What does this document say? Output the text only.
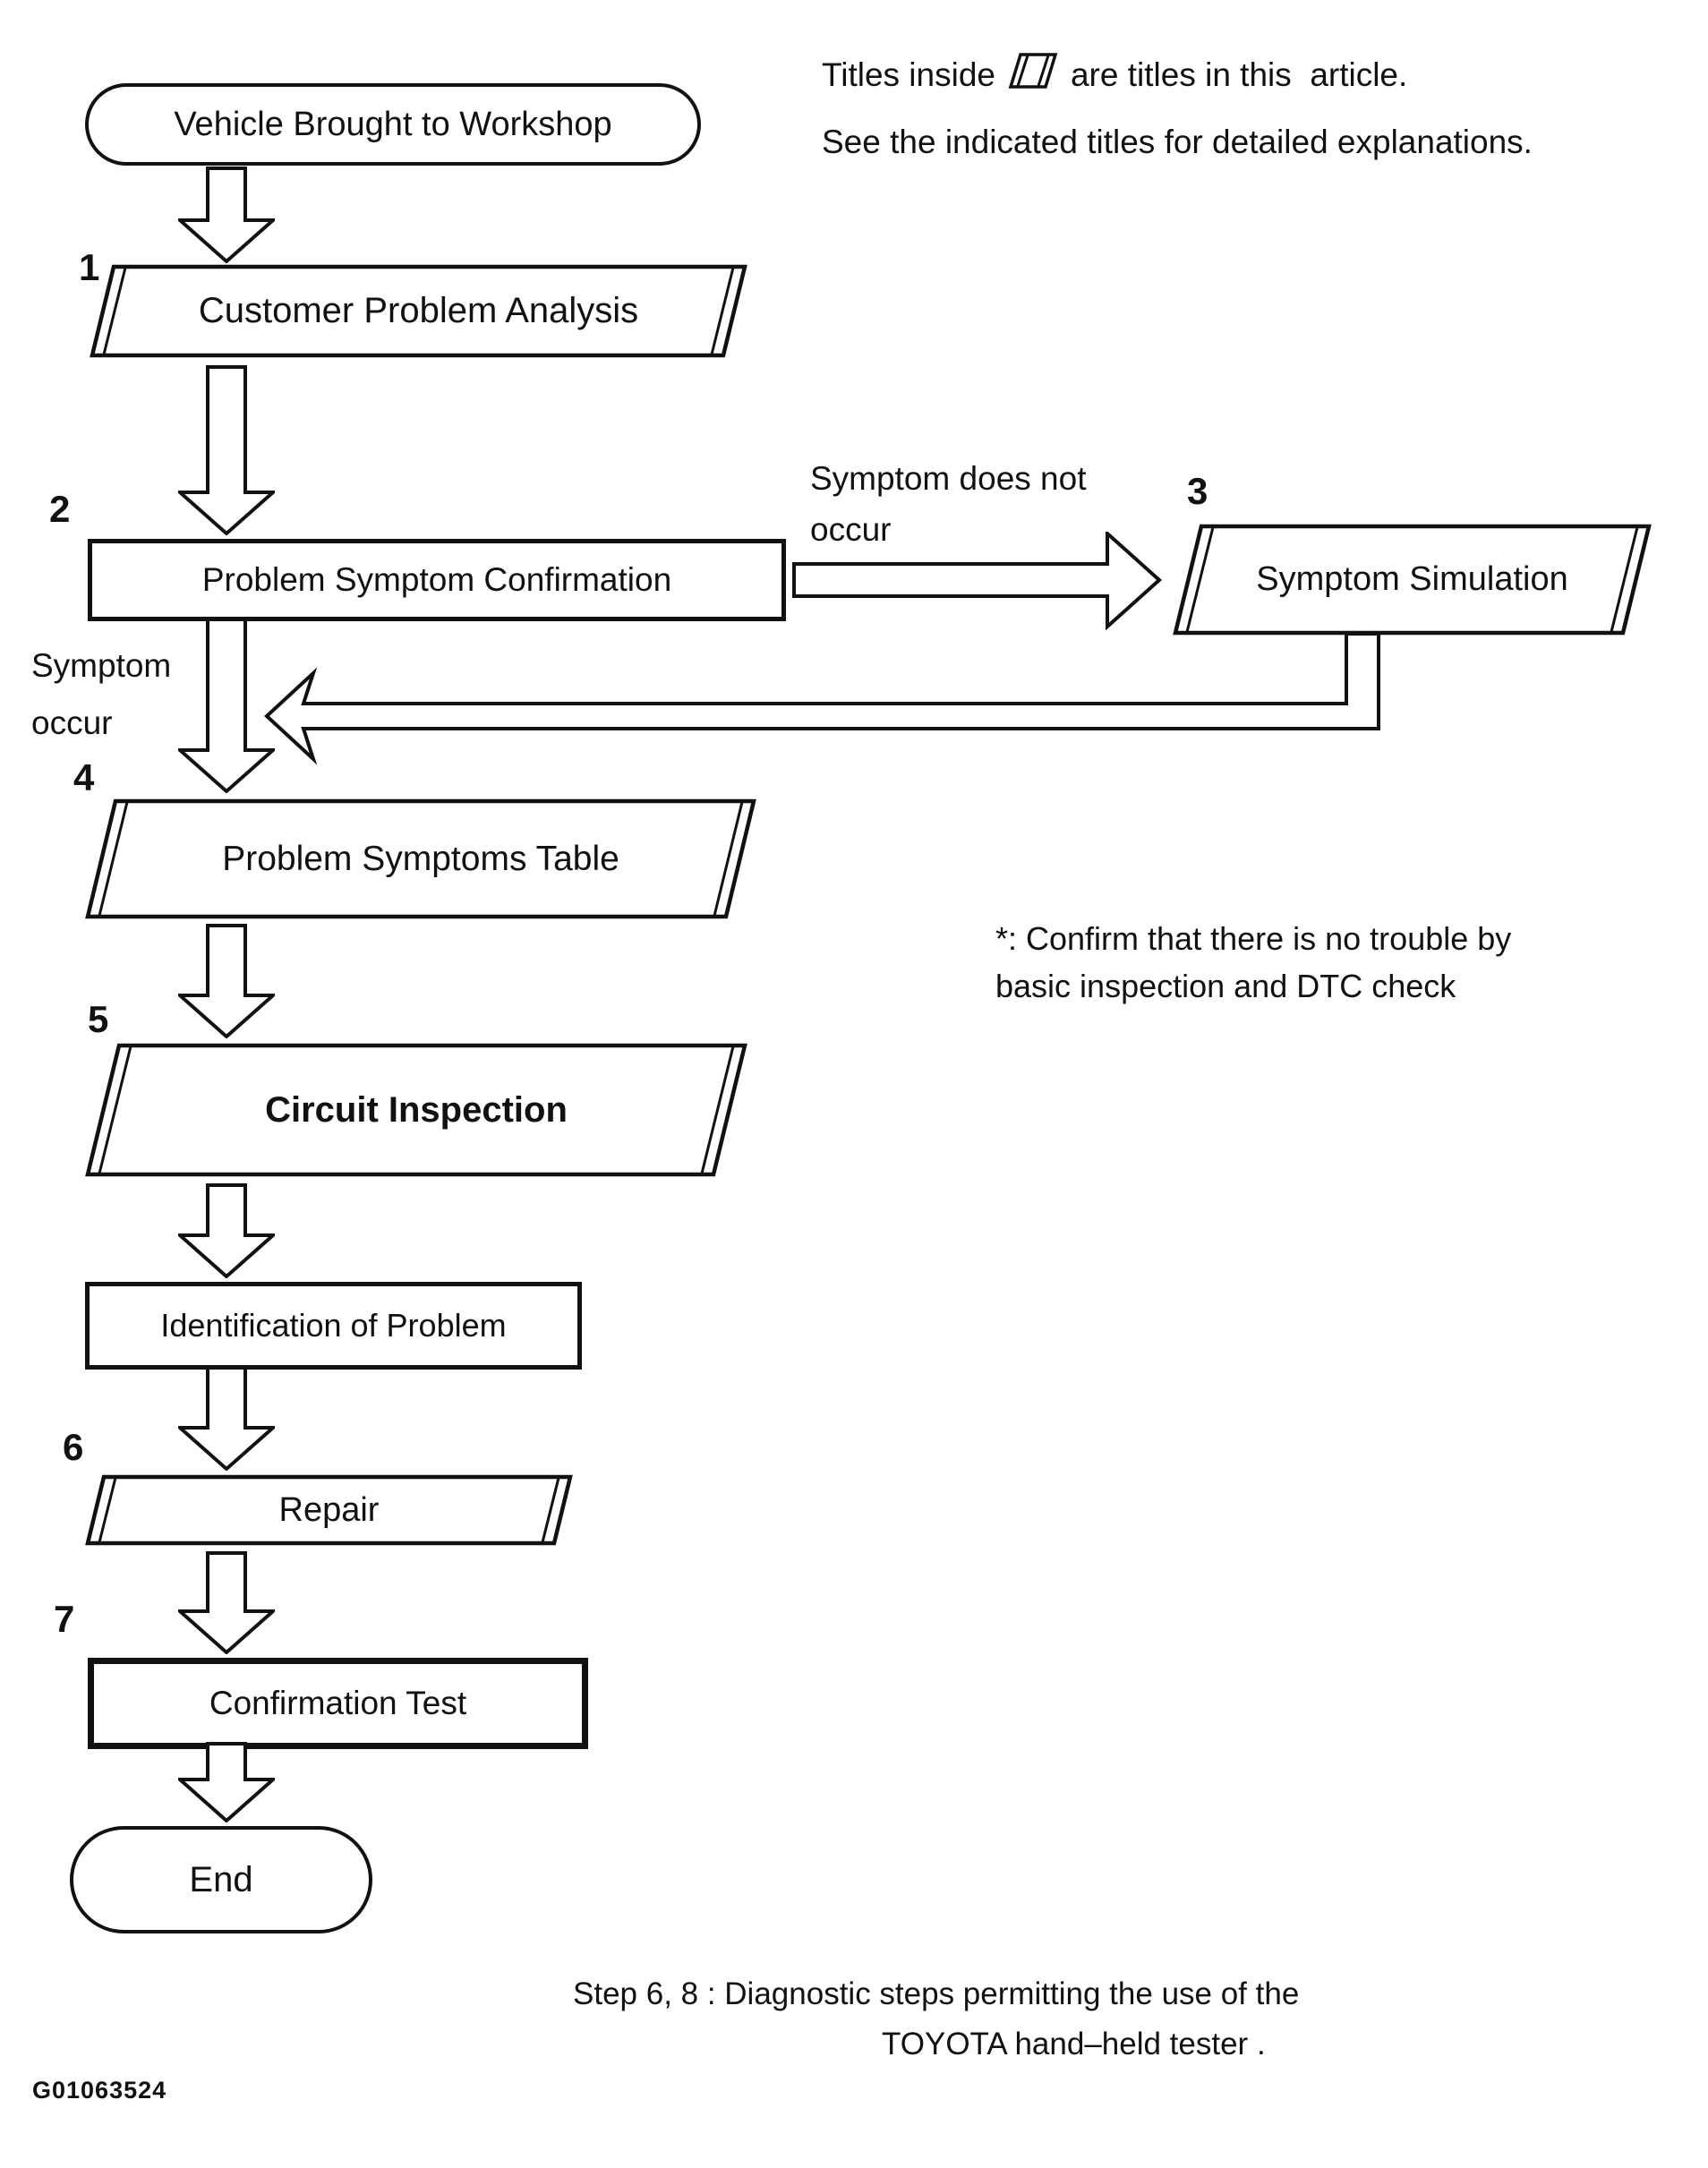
Titles inside are titles in this  article.
See the indicated titles for detailed explanations.
Vehicle Brought to Workshop
1
Customer Problem Analysis
2
Problem Symptom Confirmation
Symptom does not
occur
3
Symptom Simulation
Symptom
occur
4
Problem Symptoms Table
*: Confirm that there is no trouble by
basic inspection and DTC check
5
Circuit Inspection
Identification of Problem
6
Repair
7
Confirmation Test
End
Step 6, 8 : Diagnostic steps permitting the use of the
TOYOTA hand–held tester .
G01063524
